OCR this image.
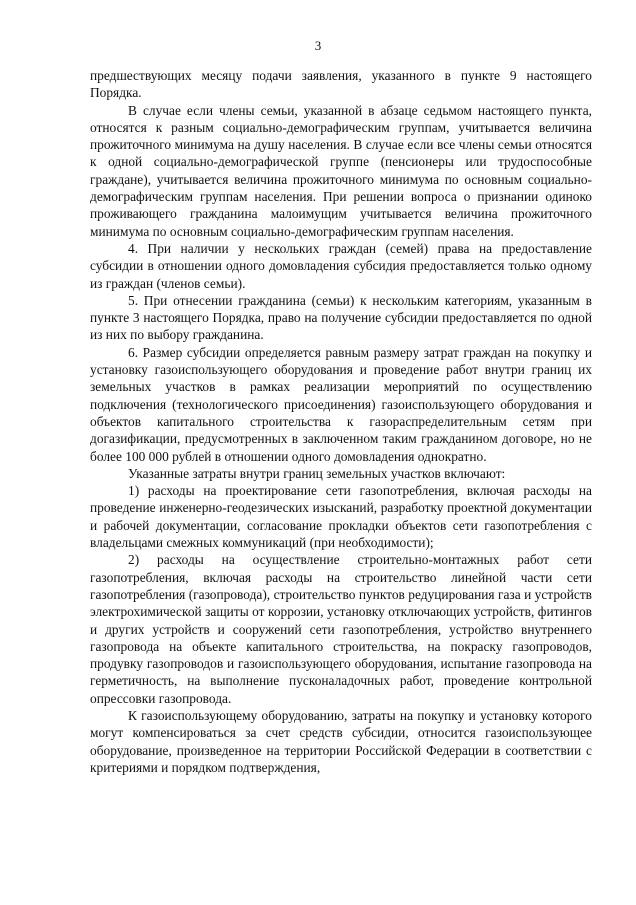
3

предшествующих месяцу подачи заявления, указанного в пункте 9 настоящего Порядка.

В случае если члены семьи, указанной в абзаце седьмом настоящего пункта, относятся к разным социально-демографическим группам, учитывается величина прожиточного минимума на душу населения. В случае если все члены семьи относятся к одной социально-демографической группе (пенсионеры или трудоспособные граждане), учитывается величина прожиточного минимума по основным социально-демографическим группам населения. При решении вопроса о признании одиноко проживающего гражданина малоимущим учитывается величина прожиточного минимума по основным социально-демографическим группам населения.

4. При наличии у нескольких граждан (семей) права на предоставление субсидии в отношении одного домовладения субсидия предоставляется только одному из граждан (членов семьи).

5. При отнесении гражданина (семьи) к нескольким категориям, указанным в пункте 3 настоящего Порядка, право на получение субсидии предоставляется по одной из них по выбору гражданина.

6. Размер субсидии определяется равным размеру затрат граждан на покупку и установку газоиспользующего оборудования и проведение работ внутри границ их земельных участков в рамках реализации мероприятий по осуществлению подключения (технологического присоединения) газоиспользующего оборудования и объектов капитального строительства к газораспределительным сетям при догазификации, предусмотренных в заключенном таким гражданином договоре, но не более 100 000 рублей в отношении одного домовладения однократно.

Указанные затраты внутри границ земельных участков включают:

1) расходы на проектирование сети газопотребления, включая расходы на проведение инженерно-геодезических изысканий, разработку проектной документации и рабочей документации, согласование прокладки объектов сети газопотребления с владельцами смежных коммуникаций (при необходимости);

2) расходы на осуществление строительно-монтажных работ сети газопотребления, включая расходы на строительство линейной части сети газопотребления (газопровода), строительство пунктов редуцирования газа и устройств электрохимической защиты от коррозии, установку отключающих устройств, фитингов и других устройств и сооружений сети газопотребления, устройство внутреннего газопровода на объекте капитального строительства, на покраску газопроводов, продувку газопроводов и газоиспользующего оборудования, испытание газопровода на герметичность, на выполнение пусконаладочных работ, проведение контрольной опрессовки газопровода.

К газоиспользующему оборудованию, затраты на покупку и установку которого могут компенсироваться за счет средств субсидии, относится газоиспользующее оборудование, произведенное на территории Российской Федерации в соответствии с критериями и порядком подтверждения,
